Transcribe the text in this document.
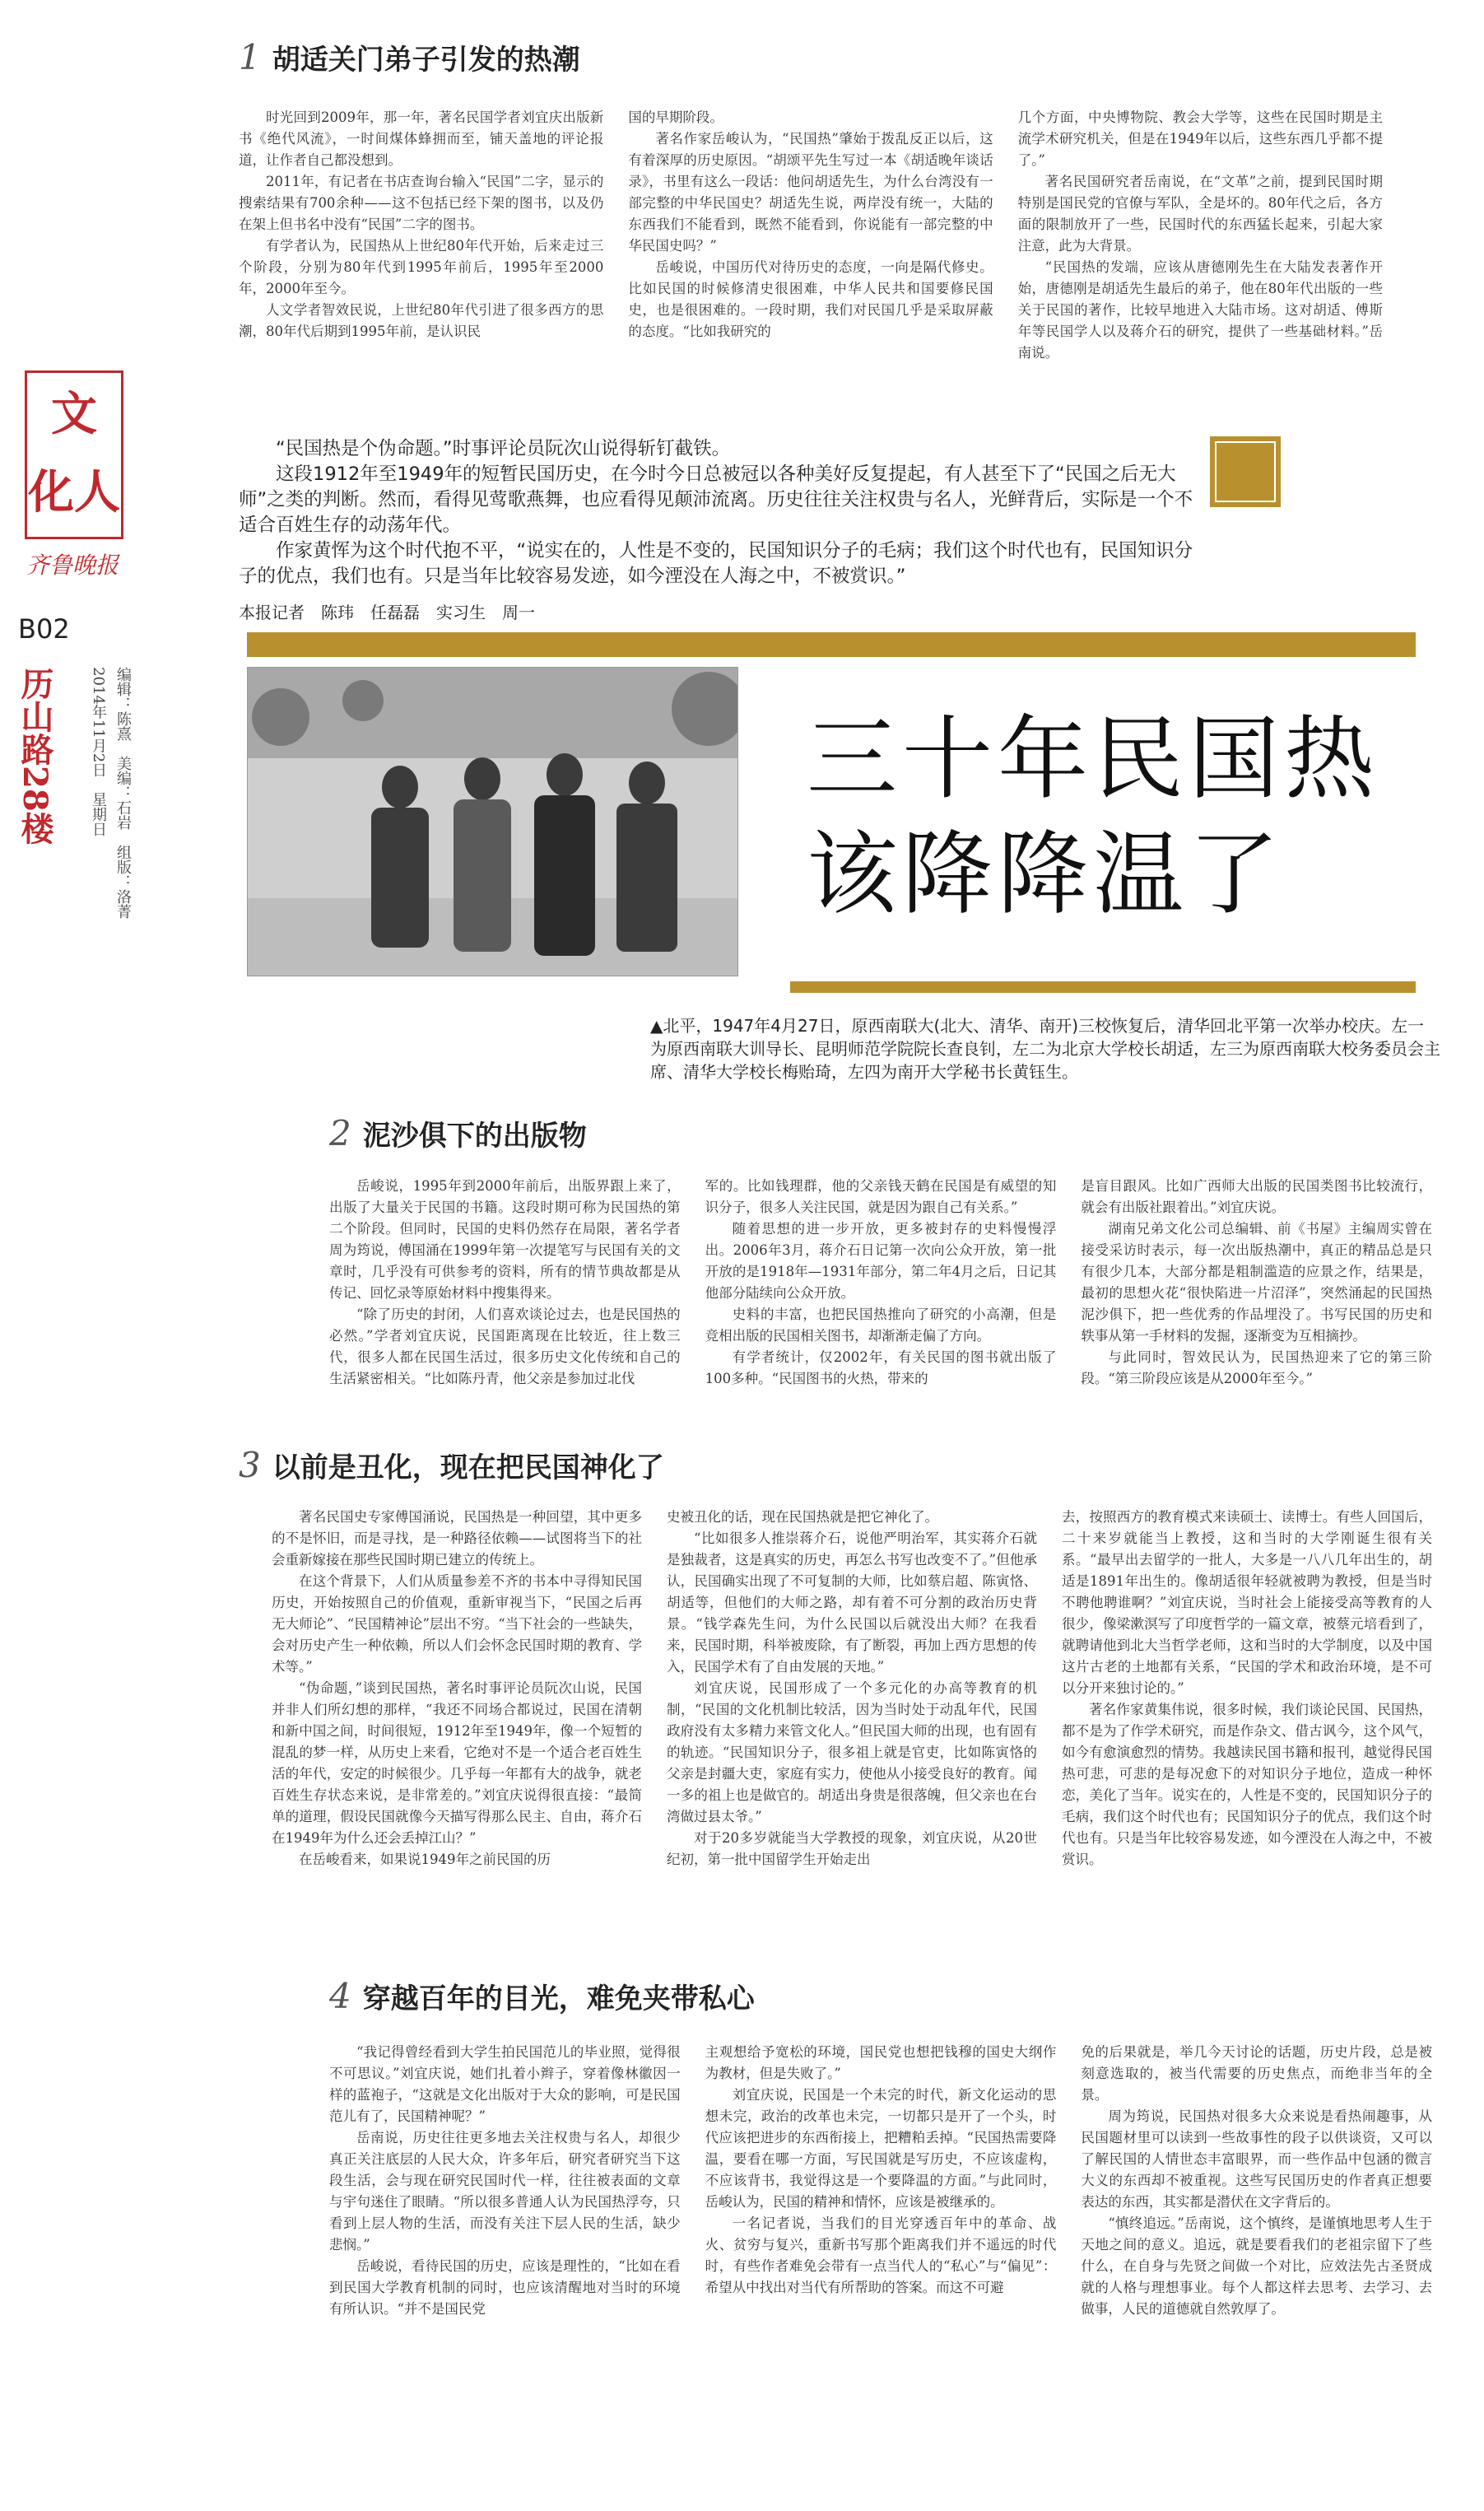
文
化人
齐鲁晚报
B02
历山路28楼	编辑：陈熹　美编：石岩　组版：洛菁
2014年11月2日　星期日
1 胡适关门弟子引发的热潮

时光回到2009年，那一年，著名民国学者刘宜庆出版新书《绝代风流》，一时间煤体蜂拥而至，铺天盖地的评论报道，让作者自己都没想到。

2011年，有记者在书店查询台输入“民国”二字，显示的搜索结果有700余种——这不包括已经下架的图书，以及仍在架上但书名中没有“民国”二字的图书。

有学者认为，民国热从上世纪80年代开始，后来走过三个阶段，分别为80年代到1995年前后，1995年至2000年，2000年至今。

人文学者智效民说，上世纪80年代引进了很多西方的思潮，80年代后期到1995年前，是认识民

国的早期阶段。

著名作家岳峻认为，“民国热”肇始于拨乱反正以后，这有着深厚的历史原因。“胡颂平先生写过一本《胡适晚年谈话录》，书里有这么一段话：他问胡适先生，为什么台湾没有一部完整的中华民国史？胡适先生说，两岸没有统一，大陆的东西我们不能看到，既然不能看到，你说能有一部完整的中华民国史吗？”

岳峻说，中国历代对待历史的态度，一向是隔代修史。比如民国的时候修清史很困难，中华人民共和国要修民国史，也是很困难的。一段时期，我们对民国几乎是采取屏蔽的态度。“比如我研究的

几个方面，中央博物院、教会大学等，这些在民国时期是主流学术研究机关，但是在1949年以后，这些东西几乎都不提了。”

著名民国研究者岳南说，在“文革”之前，提到民国时期特别是国民党的官僚与军队，全是坏的。80年代之后，各方面的限制放开了一些，民国时代的东西猛长起来，引起大家注意，此为大背景。

“民国热的发端，应该从唐德刚先生在大陆发表著作开始，唐德刚是胡适先生最后的弟子，他在80年代出版的一些关于民国的著作，比较早地进入大陆市场。这对胡适、傅斯年等民国学人以及蒋介石的研究，提供了一些基础材料。”岳南说。

“民国热是个伪命题。”时事评论员阮次山说得斩钉截铁。

这段1912年至1949年的短暂民国历史，在今时今日总被冠以各种美好反复提起，有人甚至下了“民国之后无大师”之类的判断。然而，看得见莺歌燕舞，也应看得见颠沛流离。历史往往关注权贵与名人，光鲜背后，实际是一个不适合百姓生存的动荡年代。

作家黄恽为这个时代抱不平，“说实在的，人性是不变的，民国知识分子的毛病；我们这个时代也有，民国知识分子的优点，我们也有。只是当年比较容易发迹，如今湮没在人海之中，不被赏识。”

本报记者　陈玮　任磊磊　实习生　周一
三十年民国热
该降降温了
▲北平，1947年4月27日，原西南联大(北大、清华、南开)三校恢复后，清华回北平第一次举办校庆。左一为原西南联大训导长、昆明师范学院院长查良钊，左二为北京大学校长胡适，左三为原西南联大校务委员会主席、清华大学校长梅贻琦，左四为南开大学秘书长黄钰生。
2 泥沙俱下的出版物

岳峻说，1995年到2000年前后，出版界跟上来了，出版了大量关于民国的书籍。这段时期可称为民国热的第二个阶段。但同时，民国的史料仍然存在局限，著名学者周为筠说，傅国涌在1999年第一次提笔写与民国有关的文章时，几乎没有可供参考的资料，所有的情节典故都是从传记、回忆录等原始材料中搜集得来。

“除了历史的封闭，人们喜欢谈论过去，也是民国热的必然。”学者刘宜庆说，民国距离现在比较近，往上数三代，很多人都在民国生活过，很多历史文化传统和自己的生活紧密相关。“比如陈丹青，他父亲是参加过北伐

军的。比如钱理群，他的父亲钱天鹤在民国是有威望的知识分子，很多人关注民国，就是因为跟自己有关系。”

随着思想的进一步开放，更多被封存的史料慢慢浮出。2006年3月，蒋介石日记第一次向公众开放，第一批开放的是1918年—1931年部分，第二年4月之后，日记其他部分陆续向公众开放。

史料的丰富，也把民国热推向了研究的小高潮，但是竞相出版的民国相关图书，却渐渐走偏了方向。

有学者统计，仅2002年，有关民国的图书就出版了100多种。“民国图书的火热，带来的

是盲目跟风。比如广西师大出版的民国类图书比较流行，就会有出版社跟着出。”刘宜庆说。

湖南兄弟文化公司总编辑、前《书屋》主编周实曾在接受采访时表示，每一次出版热潮中，真正的精品总是只有很少几本，大部分都是粗制滥造的应景之作，结果是，最初的思想火花“很快陷进一片沼泽”，突然涌起的民国热泥沙俱下，把一些优秀的作品埋没了。书写民国的历史和轶事从第一手材料的发掘，逐渐变为互相摘抄。

与此同时，智效民认为，民国热迎来了它的第三阶段。“第三阶段应该是从2000年至今。”

3 以前是丑化，现在把民国神化了

著名民国史专家傅国涌说，民国热是一种回望，其中更多的不是怀旧，而是寻找，是一种路径依赖——试图将当下的社会重新嫁接在那些民国时期已建立的传统上。

在这个背景下，人们从质量参差不齐的书本中寻得知民国历史，开始按照自己的价值观，重新审视当下，“民国之后再无大师论”、“民国精神论”层出不穷。“当下社会的一些缺失，会对历史产生一种依赖，所以人们会怀念民国时期的教育、学术等。”

“伪命题，”谈到民国热，著名时事评论员阮次山说，民国并非人们所幻想的那样，“我还不同场合都说过，民国在清朝和新中国之间，时间很短，1912年至1949年，像一个短暂的混乱的梦一样，从历史上来看，它绝对不是一个适合老百姓生活的年代，安定的时候很少。几乎每一年都有大的战争，就老百姓生存状态来说，是非常差的。”刘宜庆说得很直接：“最简单的道理，假设民国就像今天描写得那么民主、自由，蒋介石在1949年为什么还会丢掉江山？”

在岳峻看来，如果说1949年之前民国的历

史被丑化的话，现在民国热就是把它神化了。

“比如很多人推崇蒋介石，说他严明治军，其实蒋介石就是独裁者，这是真实的历史，再怎么书写也改变不了。”但他承认，民国确实出现了不可复制的大师，比如蔡启超、陈寅恪、胡适等，但他们的大师之路，却有着不可分割的政治历史背景。“钱学森先生问，为什么民国以后就没出大师？在我看来，民国时期，科举被废除，有了断裂，再加上西方思想的传入，民国学术有了自由发展的天地。”

刘宜庆说，民国形成了一个多元化的办高等教育的机制，“民国的文化机制比较活，因为当时处于动乱年代，民国政府没有太多精力来管文化人。”但民国大师的出现，也有固有的轨迹。“民国知识分子，很多祖上就是官吏，比如陈寅恪的父亲是封疆大吏，家庭有实力，使他从小接受良好的教育。闻一多的祖上也是做官的。胡适出身贵是很落魄，但父亲也在台湾做过县太爷。”

对于20多岁就能当大学教授的现象，刘宜庆说，从20世纪初，第一批中国留学生开始走出

去，按照西方的教育模式来读硕士、读博士。有些人回国后，二十来岁就能当上教授，这和当时的大学刚诞生很有关系。“最早出去留学的一批人，大多是一八八几年出生的，胡适是1891年出生的。像胡适很年轻就被聘为教授，但是当时不聘他聘谁啊？”刘宜庆说，当时社会上能接受高等教育的人很少，像梁漱溟写了印度哲学的一篇文章，被蔡元培看到了，就聘请他到北大当哲学老师，这和当时的大学制度，以及中国这片古老的土地都有关系，“民国的学术和政治环境，是不可以分开来独讨论的。”

著名作家黄集伟说，很多时候，我们谈论民国、民国热，都不是为了作学术研究，而是作杂文、借古讽今，这个风气，如今有愈演愈烈的情势。我越读民国书籍和报刊，越觉得民国热可悲，可悲的是每况愈下的对知识分子地位，造成一种怀恋，美化了当年。说实在的，人性是不变的，民国知识分子的毛病，我们这个时代也有；民国知识分子的优点，我们这个时代也有。只是当年比较容易发迹，如今湮没在人海之中，不被赏识。

4 穿越百年的目光，难免夹带私心

“我记得曾经看到大学生拍民国范儿的毕业照，觉得很不可思议。”刘宜庆说，她们扎着小辫子，穿着像林徽因一样的蓝袍子，“这就是文化出版对于大众的影响，可是民国范儿有了，民国精神呢？”

岳南说，历史往往更多地去关注权贵与名人，却很少真正关注底层的人民大众，许多年后，研究者研究当下这段生活，会与现在研究民国时代一样，往往被表面的文章与宇句迷住了眼睛。“所以很多普通人认为民国热浮夸，只看到上层人物的生活，而没有关注下层人民的生活，缺少悲悯。”

岳峻说，看待民国的历史，应该是理性的，“比如在看到民国大学教育机制的同时，也应该清醒地对当时的环境有所认识。“并不是国民党

主观想给予宽松的环境，国民党也想把钱穆的国史大纲作为教材，但是失败了。”

刘宜庆说，民国是一个未完的时代，新文化运动的思想未完，政治的改革也未完，一切都只是开了一个头，时代应该把进步的东西衔接上，把糟粕丢掉。“民国热需要降温，要看在哪一方面，写民国就是写历史，不应该虚构，不应该背书，我觉得这是一个要降温的方面。”与此同时，岳峻认为，民国的精神和情怀，应该是被继承的。

一名记者说，当我们的目光穿透百年中的革命、战火、贫穷与复兴，重新书写那个距离我们并不遥远的时代时，有些作者难免会带有一点当代人的“私心”与“偏见”：希望从中找出对当代有所帮助的答案。而这不可避

免的后果就是，举几今天讨论的话题，历史片段，总是被刻意选取的，被当代需要的历史焦点，而绝非当年的全景。

周为筠说，民国热对很多大众来说是看热闹趣事，从民国题材里可以读到一些故事性的段子以供谈资，又可以了解民国的人情世态丰富眼界，而一些作品中包涵的微言大义的东西却不被重视。这些写民国历史的作者真正想要表达的东西，其实都是潜伏在文字背后的。

“慎终追远。”岳南说，这个慎终，是谨慎地思考人生于天地之间的意义。追远，就是要看我们的老祖宗留下了些什么，在自身与先贤之间做一个对比，应效法先古圣贤成就的人格与理想事业。每个人都这样去思考、去学习、去做事，人民的道德就自然敦厚了。
